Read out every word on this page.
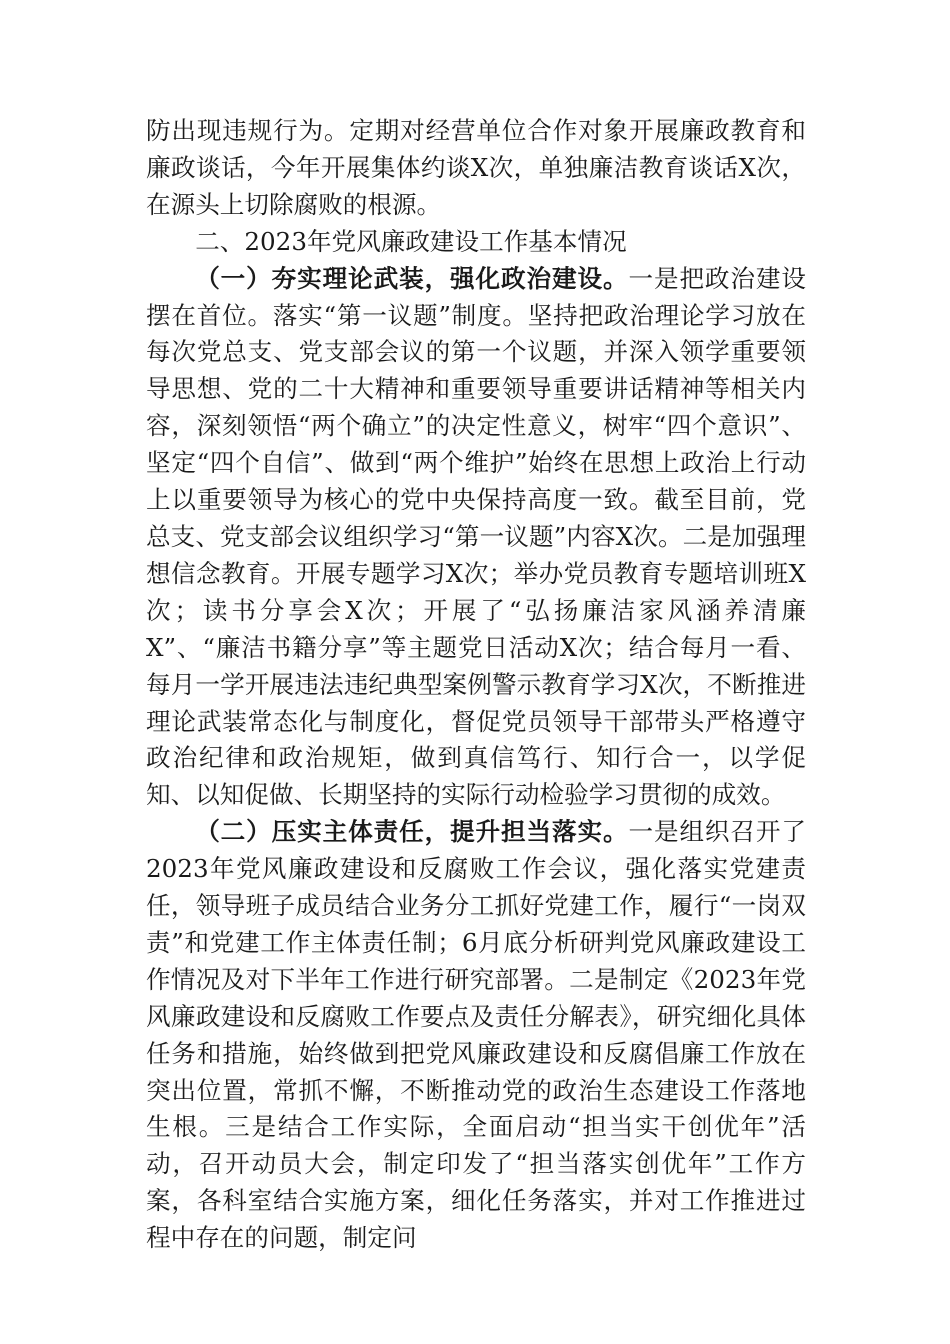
防出现违规行为。定期对经营单位合作对象开展廉政教育和廉政谈话，今年开展集体约谈X次，单独廉洁教育谈话X次，在源头上切除腐败的根源。

二、2023年党风廉政建设工作基本情况

（一）夯实理论武装，强化政治建设。一是把政治建设摆在首位。落实“第一议题”制度。坚持把政治理论学习放在每次党总支、党支部会议的第一个议题，并深入领学重要领导思想、党的二十大精神和重要领导重要讲话精神等相关内容，深刻领悟“两个确立”的决定性意义，树牢“四个意识”、坚定“四个自信”、做到“两个维护”始终在思想上政治上行动上以重要领导为核心的党中央保持高度一致。截至目前，党总支、党支部会议组织学习“第一议题”内容X次。二是加强理想信念教育。开展专题学习X次；举办党员教育专题培训班X次；读书分享会X次；开展了“弘扬廉洁家风涵养清廉X”、“廉洁书籍分享”等主题党日活动X次；结合每月一看、每月一学开展违法违纪典型案例警示教育学习X次，不断推进理论武装常态化与制度化，督促党员领导干部带头严格遵守政治纪律和政治规矩，做到真信笃行、知行合一，以学促知、以知促做、长期坚持的实际行动检验学习贯彻的成效。

（二）压实主体责任，提升担当落实。一是组织召开了2023年党风廉政建设和反腐败工作会议，强化落实党建责任，领导班子成员结合业务分工抓好党建工作，履行“一岗双责”和党建工作主体责任制；6月底分析研判党风廉政建设工作情况及对下半年工作进行研究部署。二是制定《2023年党风廉政建设和反腐败工作要点及责任分解表》，研究细化具体任务和措施，始终做到把党风廉政建设和反腐倡廉工作放在突出位置，常抓不懈，不断推动党的政治生态建设工作落地生根。三是结合工作实际，全面启动“担当实干创优年”活动，召开动员大会，制定印发了“担当落实创优年”工作方案，各科室结合实施方案，细化任务落实，并对工作推进过程中存在的问题，制定问
